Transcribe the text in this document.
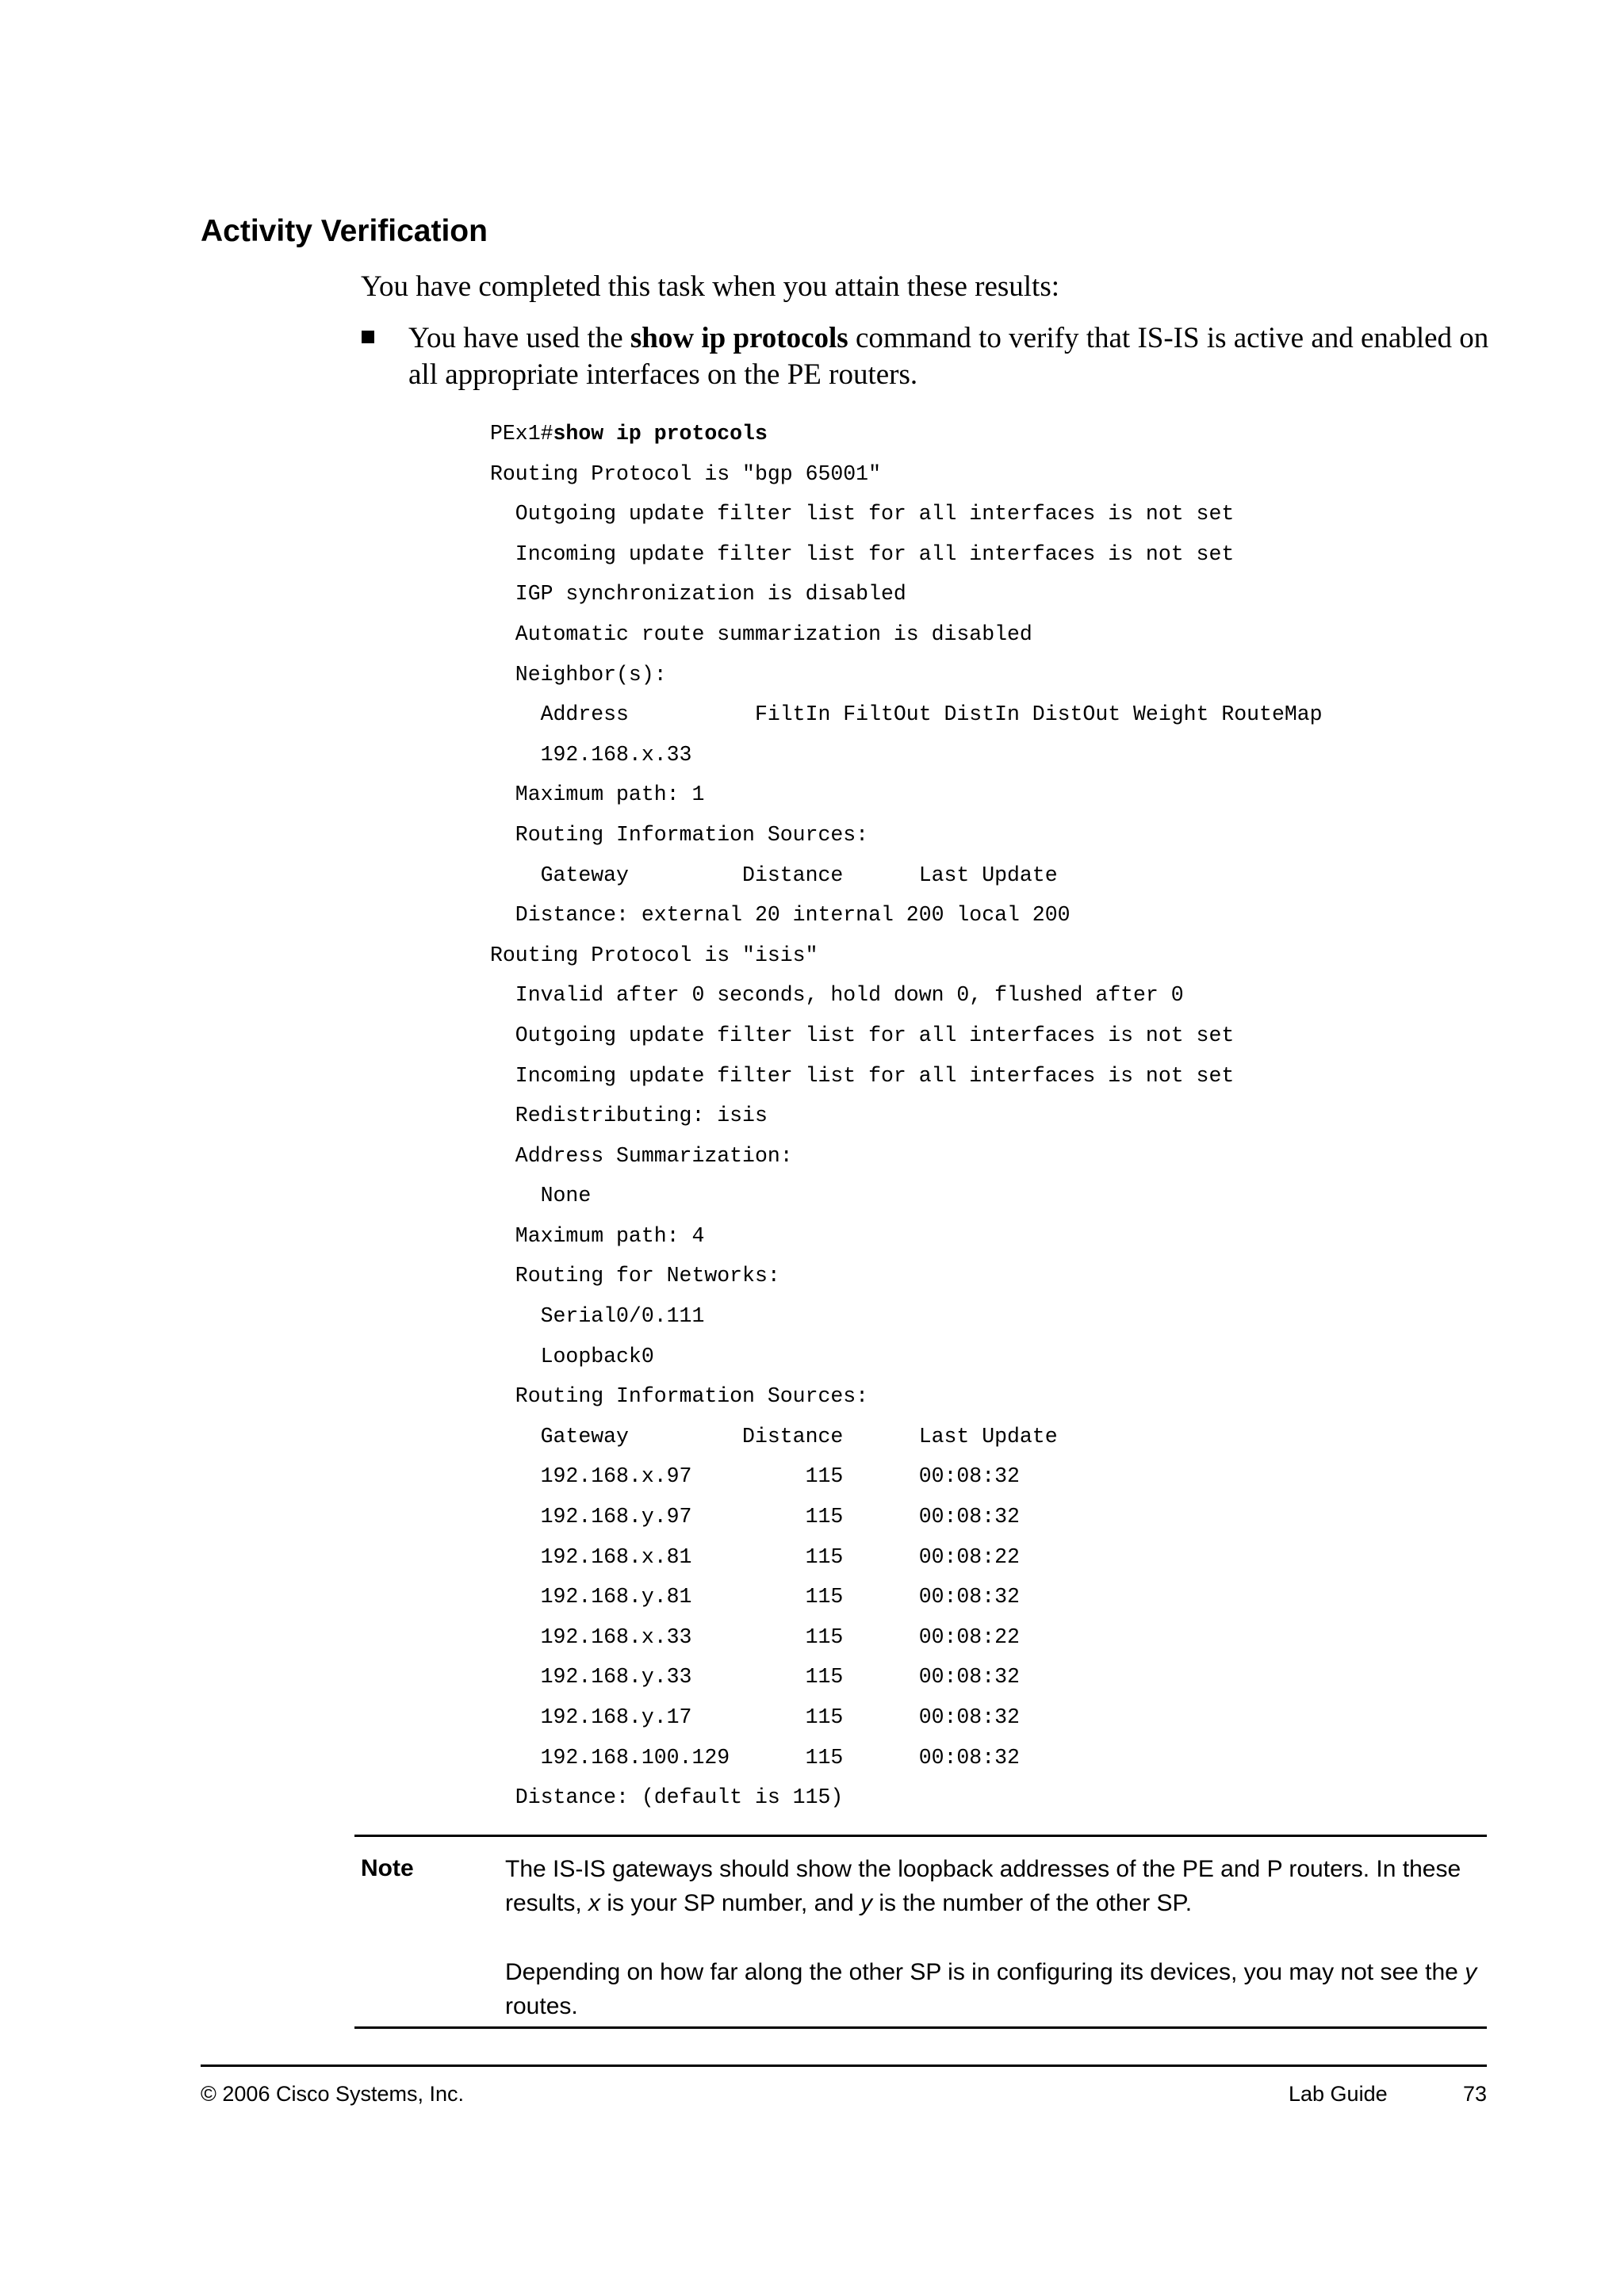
Activity Verification
You have completed this task when you attain these results:
You have used the show ip protocols command to verify that IS-IS is active and enabled on all appropriate interfaces on the PE routers.
PEx1#show ip protocols
Routing Protocol is "bgp 65001"
Outgoing update filter list for all interfaces is not set
Incoming update filter list for all interfaces is not set
IGP synchronization is disabled
Automatic route summarization is disabled
Neighbor(s):
Address          FiltIn FiltOut DistIn DistOut Weight RouteMap
192.168.x.33
Maximum path: 1
Routing Information Sources:
Gateway         Distance      Last Update
Distance: external 20 internal 200 local 200
Routing Protocol is "isis"
Invalid after 0 seconds, hold down 0, flushed after 0
Outgoing update filter list for all interfaces is not set
Incoming update filter list for all interfaces is not set
Redistributing: isis
Address Summarization:
None
Maximum path: 4
Routing for Networks:
Serial0/0.111
Loopback0
Routing Information Sources:
Gateway         Distance      Last Update
192.168.x.97         115      00:08:32
192.168.y.97         115      00:08:32
192.168.x.81         115      00:08:22
192.168.y.81         115      00:08:32
192.168.x.33         115      00:08:22
192.168.y.33         115      00:08:32
192.168.y.17         115      00:08:32
192.168.100.129      115      00:08:32
Distance: (default is 115)
Note	The IS-IS gateways should show the loopback addresses of the PE and P routers. In these results, x is your SP number, and y is the number of the other SP.

Depending on how far along the other SP is in configuring its devices, you may not see the y routes.

© 2006 Cisco Systems, Inc.	Lab Guide	73
